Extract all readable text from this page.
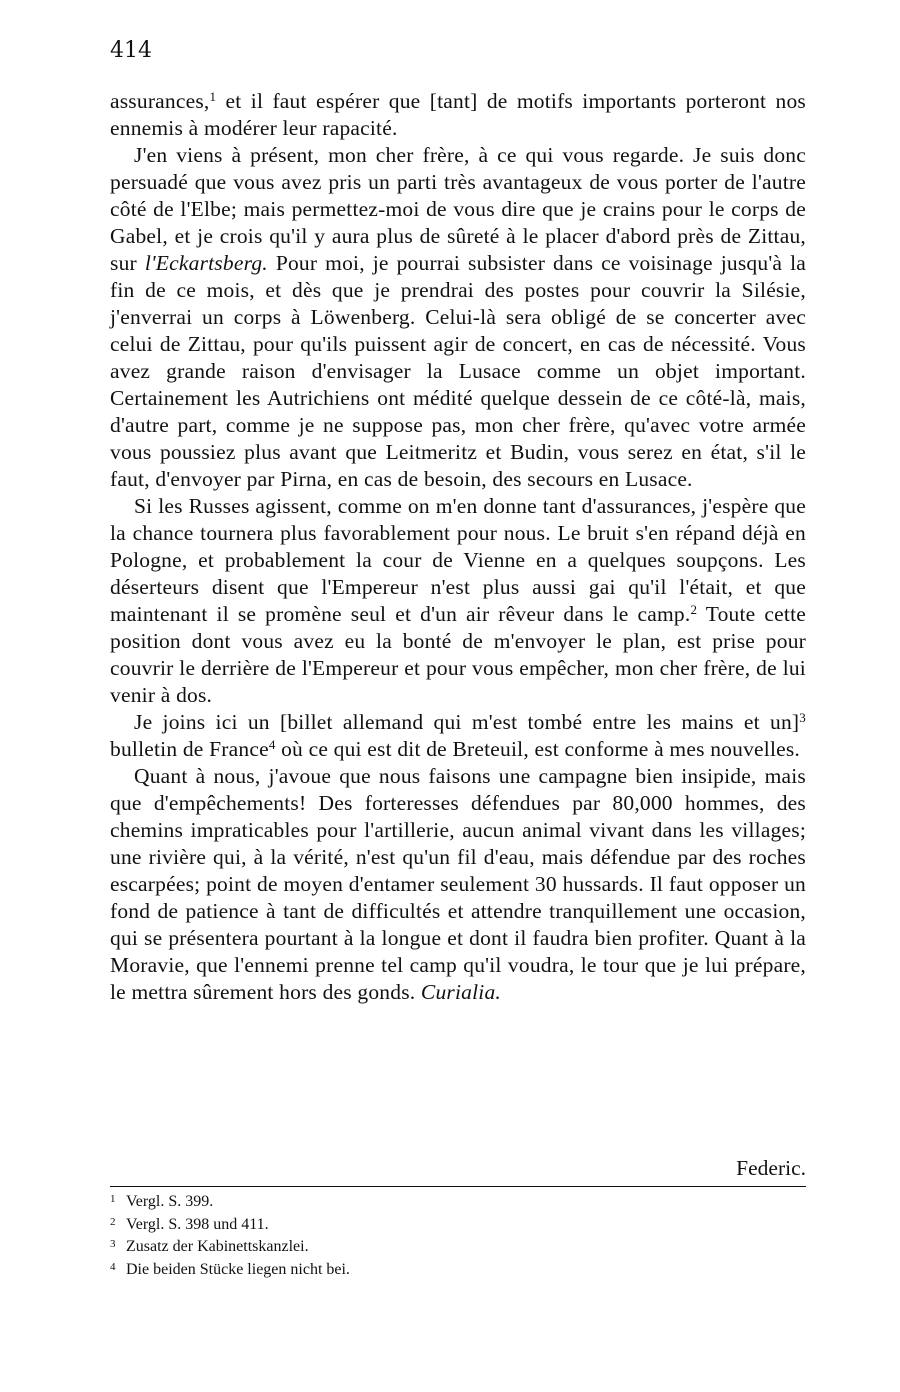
414

assurances,$^1$ et il faut espérer que [tant] de motifs importants porteront nos ennemis à modérer leur rapacité.

J'en viens à présent, mon cher frère, à ce qui vous regarde. Je suis donc persuadé que vous avez pris un parti très avantageux de vous porter de l'autre côté de l'Elbe; mais permettez-moi de vous dire que je crains pour le corps de Gabel, et je crois qu'il y aura plus de sûreté à le placer d'abord près de Zittau, sur l'Eckartsberg. Pour moi, je pourrai subsister dans ce voisinage jusqu'à la fin de ce mois, et dès que je prendrai des postes pour couvrir la Silésie, j'enverrai un corps à Löwenberg. Celui-là sera obligé de se concerter avec celui de Zittau, pour qu'ils puissent agir de concert, en cas de nécessité. Vous avez grande raison d'envisager la Lusace comme un objet important. Certainement les Autrichiens ont médité quelque dessein de ce côté-là, mais, d'autre part, comme je ne suppose pas, mon cher frère, qu'avec votre armée vous poussiez plus avant que Leitmeritz et Budin, vous serez en état, s'il le faut, d'envoyer par Pirna, en cas de besoin, des secours en Lusace.

Si les Russes agissent, comme on m'en donne tant d'assurances, j'espère que la chance tournera plus favorablement pour nous. Le bruit s'en répand déjà en Pologne, et probablement la cour de Vienne en a quelques soupçons. Les déserteurs disent que l'Empereur n'est plus aussi gai qu'il l'était, et que maintenant il se promène seul et d'un air rêveur dans le camp.$^2$ Toute cette position dont vous avez eu la bonté de m'envoyer le plan, est prise pour couvrir le derrière de l'Empereur et pour vous empêcher, mon cher frère, de lui venir à dos.

Je joins ici un [billet allemand qui m'est tombé entre les mains et un]$^3$ bulletin de France$^4$ où ce qui est dit de Breteuil, est conforme à mes nouvelles.

Quant à nous, j'avoue que nous faisons une campagne bien insipide, mais que d'empêchements! Des forteresses défendues par 80,000 hommes, des chemins impraticables pour l'artillerie, aucun animal vivant dans les villages; une rivière qui, à la vérité, n'est qu'un fil d'eau, mais défendue par des roches escarpées; point de moyen d'entamer seulement 30 hussards. Il faut opposer un fond de patience à tant de difficultés et attendre tranquillement une occasion, qui se présentera pourtant à la longue et dont il faudra bien profiter. Quant à la Moravie, que l'ennemi prenne tel camp qu'il voudra, le tour que je lui prépare, le mettra sûrement hors des gonds. Curialia.

Federic.
1 Vergl. S. 399.
2 Vergl. S. 398 und 411.
3 Zusatz der Kabinettskanzlei.
4 Die beiden Stücke liegen nicht bei.
